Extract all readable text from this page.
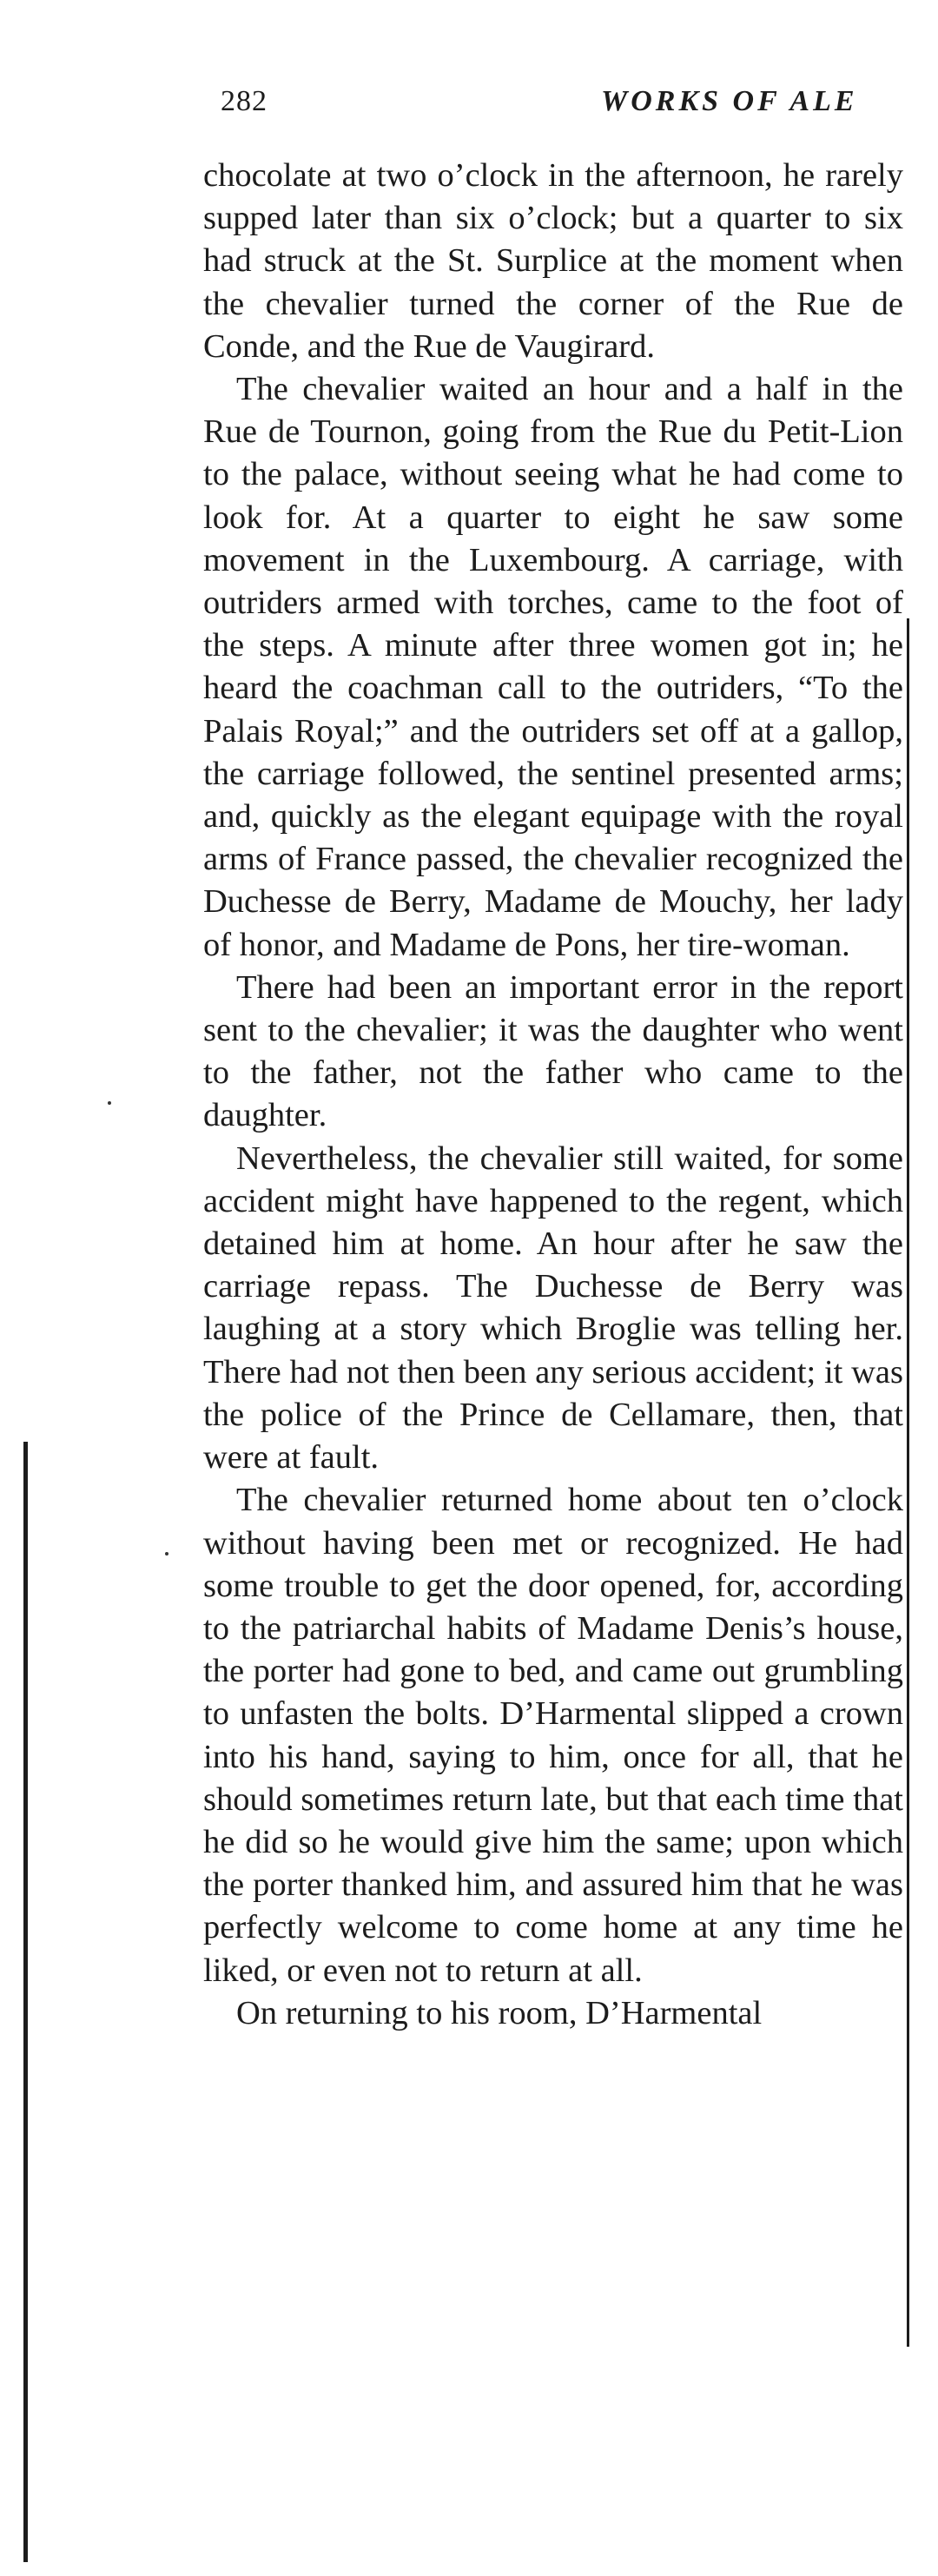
282	WORKS OF ALE

chocolate at two o’clock in the afternoon, he rarely supped later than six o’clock; but a quarter to six had struck at the St. Surplice at the moment when the chevalier turned the corner of the Rue de Conde, and the Rue de Vaugirard.

The chevalier waited an hour and a half in the Rue de Tournon, going from the Rue du Petit-Lion to the palace, without seeing what he had come to look for. At a quarter to eight he saw some movement in the Luxembourg. A carriage, with outriders armed with torches, came to the foot of the steps. A minute after three women got in; he heard the coachman call to the outriders, “To the Palais Royal;” and the outriders set off at a gallop, the carriage followed, the sentinel presented arms; and, quickly as the elegant equipage with the royal arms of France passed, the chevalier recognized the Duchesse de Berry, Madame de Mouchy, her lady of honor, and Madame de Pons, her tire-woman.

There had been an important error in the report sent to the chevalier; it was the daughter who went to the father, not the father who came to the daughter.

Nevertheless, the chevalier still waited, for some accident might have happened to the regent, which detained him at home. An hour after he saw the carriage repass. The Duchesse de Berry was laughing at a story which Broglie was telling her. There had not then been any serious accident; it was the police of the Prince de Cellamare, then, that were at fault.

The chevalier returned home about ten o’clock without having been met or recognized. He had some trouble to get the door opened, for, according to the patriarchal habits of Madame Denis’s house, the porter had gone to bed, and came out grumbling to unfasten the bolts. D’Harmental slipped a crown into his hand, saying to him, once for all, that he should sometimes return late, but that each time that he did so he would give him the same; upon which the porter thanked him, and assured him that he was perfectly welcome to come home at any time he liked, or even not to return at all.

On returning to his room, D’Harmental
